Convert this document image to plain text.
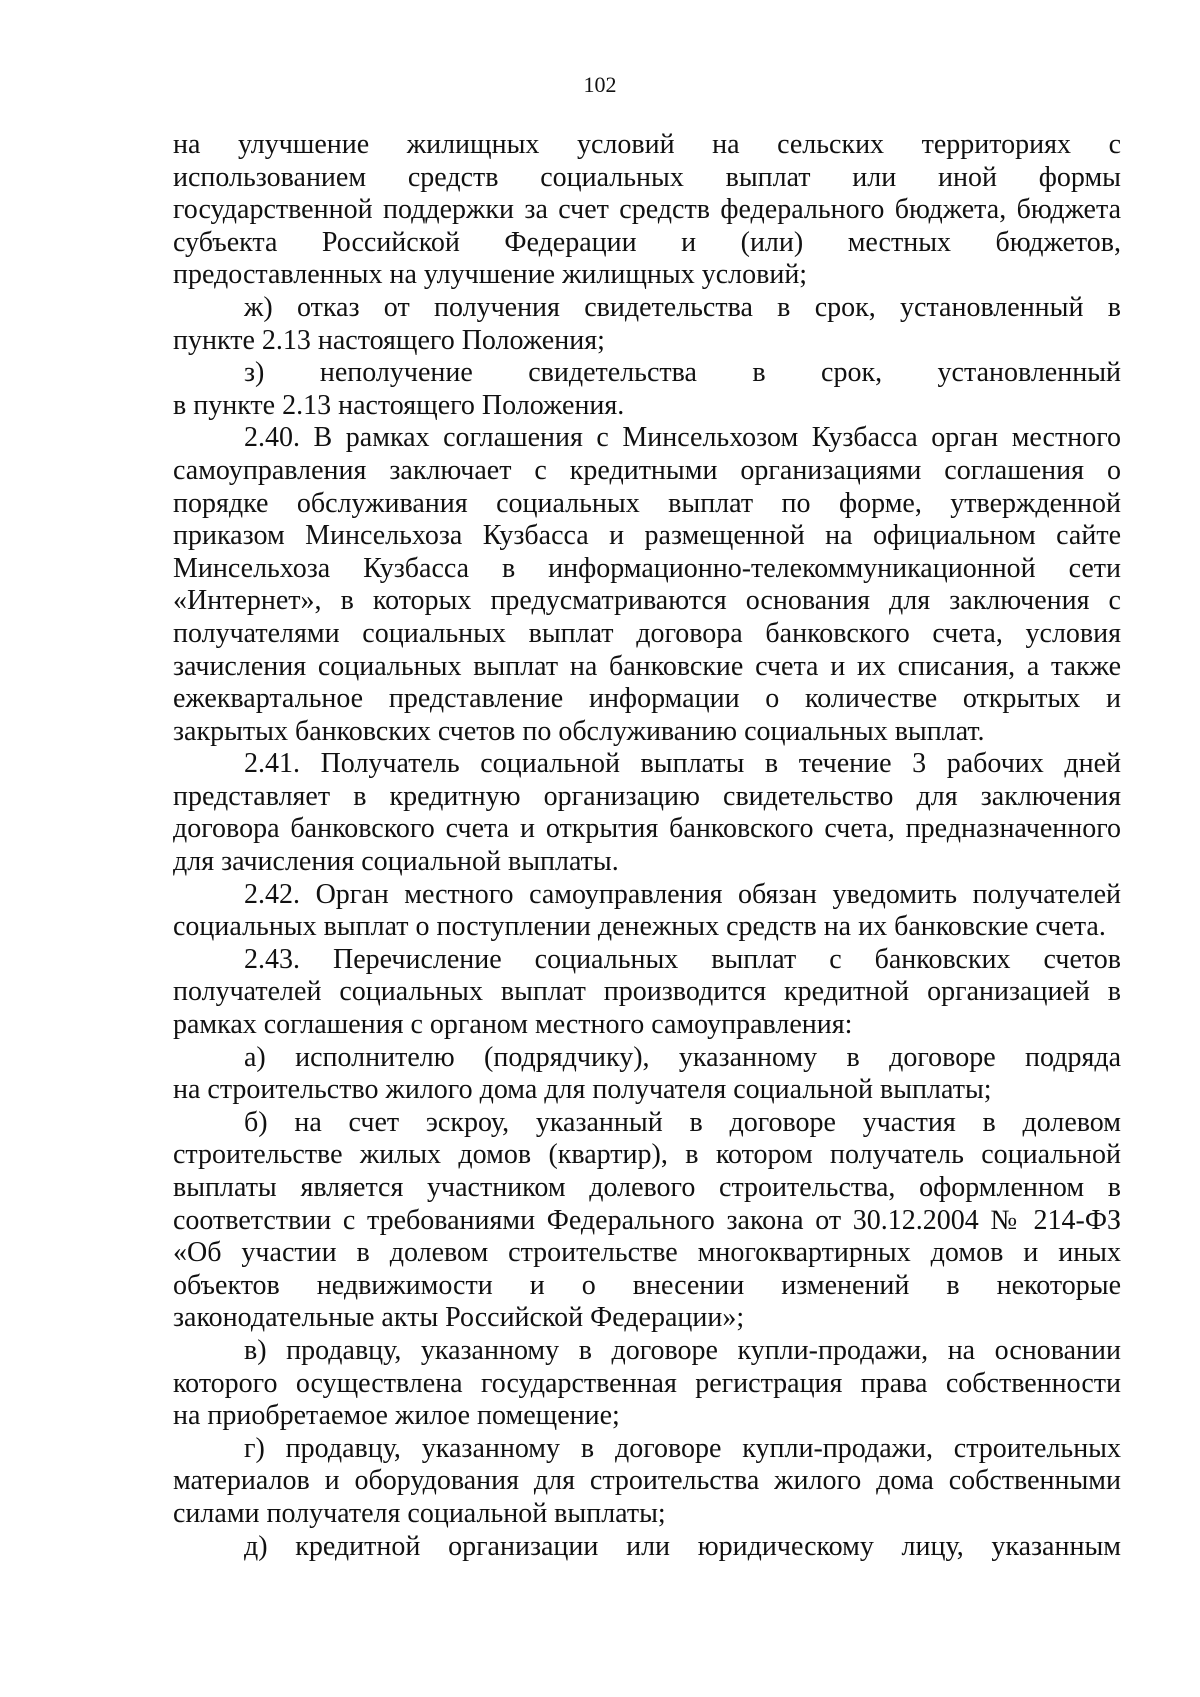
102
на улучшение жилищных условий на сельских территориях с
использованием средств социальных выплат или иной формы
государственной поддержки за счет средств федерального бюджета, бюджета
субъекта Российской Федерации и (или) местных бюджетов,
предоставленных на улучшение жилищных условий;
ж) отказ от получения свидетельства в срок, установленный в
пункте 2.13 настоящего Положения;
з) неполучение свидетельства в срок, установленный
в пункте 2.13 настоящего Положения.
2.40. В рамках соглашения с Минсельхозом Кузбасса орган местного
самоуправления заключает с кредитными организациями соглашения о
порядке обслуживания социальных выплат по форме, утвержденной
приказом Минсельхоза Кузбасса и размещенной на официальном сайте
Минсельхоза Кузбасса в информационно-телекоммуникационной сети
«Интернет», в которых предусматриваются основания для заключения с
получателями социальных выплат договора банковского счета, условия
зачисления социальных выплат на банковские счета и их списания, а также
ежеквартальное представление информации о количестве открытых и
закрытых банковских счетов по обслуживанию социальных выплат.
2.41. Получатель социальной выплаты в течение 3 рабочих дней
представляет в кредитную организацию свидетельство для заключения
договора банковского счета и открытия банковского счета, предназначенного
для зачисления социальной выплаты.
2.42. Орган местного самоуправления обязан уведомить получателей
социальных выплат о поступлении денежных средств на их банковские счета.
2.43. Перечисление социальных выплат с банковских счетов
получателей социальных выплат производится кредитной организацией в
рамках соглашения с органом местного самоуправления:
а) исполнителю (подрядчику), указанному в договоре подряда
на строительство жилого дома для получателя социальной выплаты;
б) на счет эскроу, указанный в договоре участия в долевом
строительстве жилых домов (квартир), в котором получатель социальной
выплаты является участником долевого строительства, оформленном в
соответствии с требованиями Федерального закона от 30.12.2004 № 214-ФЗ
«Об участии в долевом строительстве многоквартирных домов и иных
объектов недвижимости и о внесении изменений в некоторые
законодательные акты Российской Федерации»;
в) продавцу, указанному в договоре купли-продажи, на основании
которого осуществлена государственная регистрация права собственности
на приобретаемое жилое помещение;
г) продавцу, указанному в договоре купли-продажи, строительных
материалов и оборудования для строительства жилого дома собственными
силами получателя социальной выплаты;
д) кредитной организации или юридическому лицу, указанным
